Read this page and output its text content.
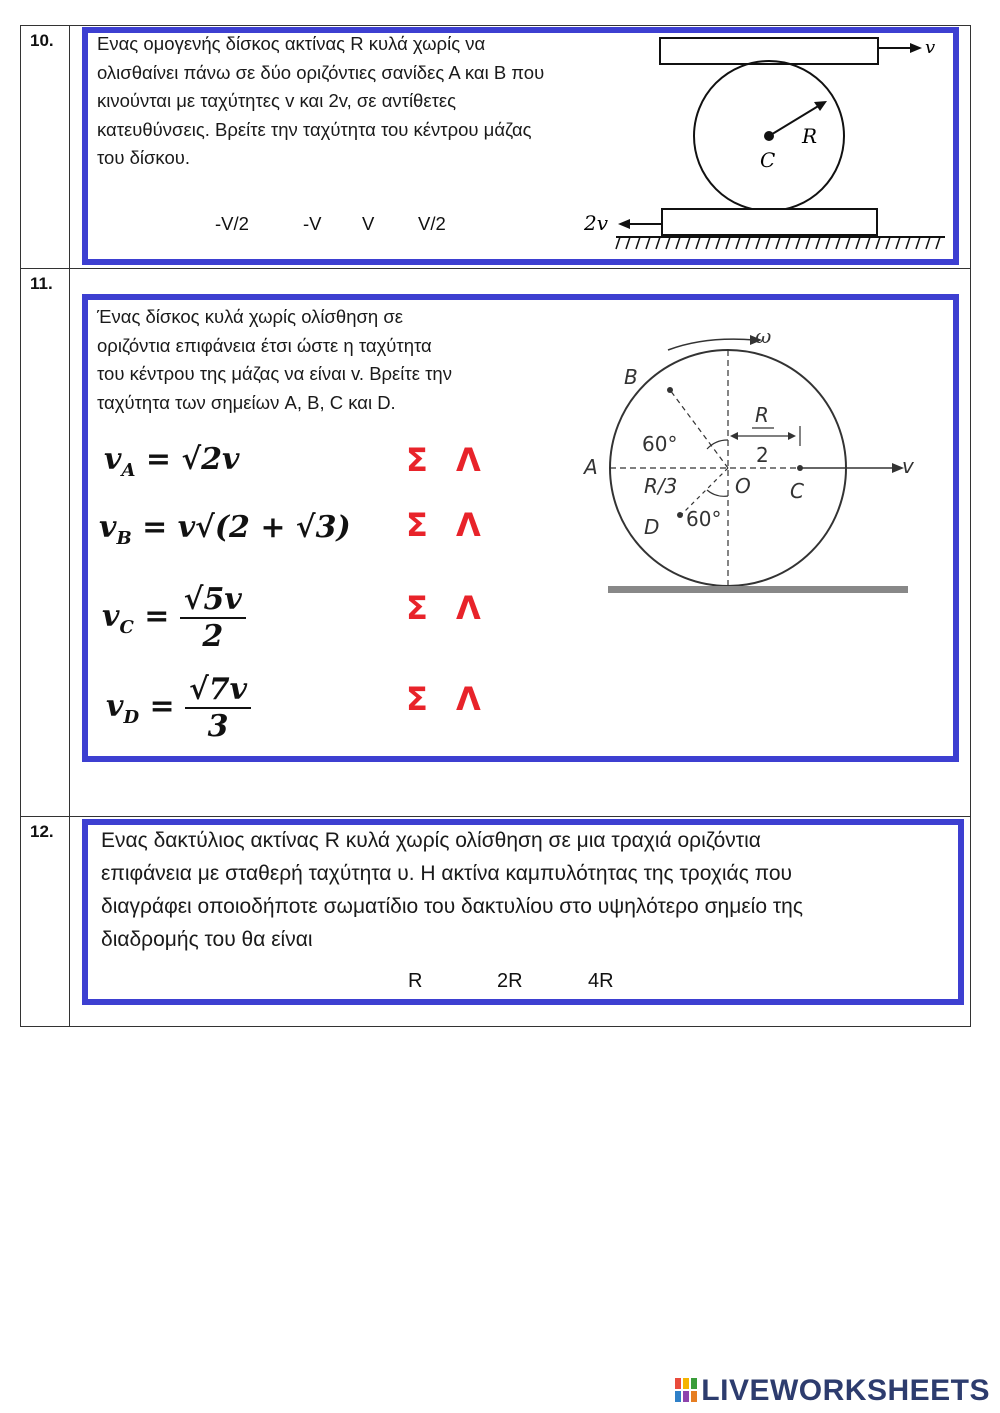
10.
11.
12.
Ενας ομογενής δίσκος ακτίνας R κυλά χωρίς να
ολισθαίνει πάνω σε δύο οριζόντιες σανίδες Α και Β που
κινούνται με ταχύτητες v και 2v, σε αντίθετες
κατευθύνσεις. Βρείτε την ταχύτητα του κέντρου μάζας
του δίσκου.
-V/2	-V V V/2
v
R
C
2v
Ένας δίσκος κυλά χωρίς ολίσθηση σε
οριζόντια επιφάνεια έτσι ώστε η ταχύτητα
του κέντρου της μάζας να είναι v. Βρείτε την
ταχύτητα των σημείων A, B, C και D.
$v_A = √2v$
$v_B = v√(2 + √3)$
$v_C = \frac{√5v}{2}$
$v_D = \frac{√7v}{3}$
Σ Λ
Σ Λ
Σ Λ
Σ Λ
ω
v
B
A
60°
D 60°
R/3	O C
R
2
Ενας δακτύλιος ακτίνας R κυλά χωρίς ολίσθηση σε μια τραχιά οριζόντια
επιφάνεια με σταθερή ταχύτητα υ. Η ακτίνα καμπυλότητας της τροχιάς που
διαγράφει οποιοδήποτε σωματίδιο του δακτυλίου στο υψηλότερο σημείο της
διαδρομής του θα είναι
R	2R	4R
LIVEWORKSHEETS
